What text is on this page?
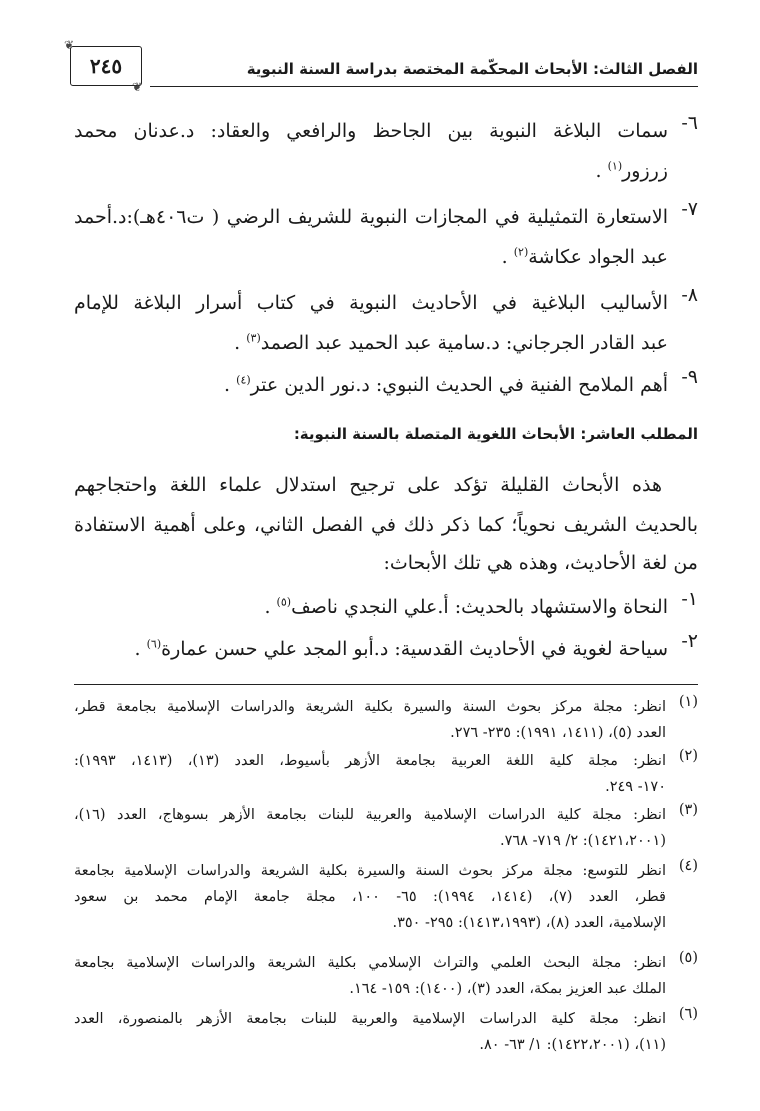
❦
٢٤٥
❦
الفصل الثالث: الأبحاث المحكّمة المختصة بدراسة السنة النبوية
٦-
سمات البلاغة النبوية بين الجاحظ والرافعي والعقاد: د.عدنان محمد
زرزور$^{(١)}$ .
٧-
الاستعارة التمثيلية في المجازات النبوية للشريف الرضي ( ت٤٠٦هـ):د.أحمد
عبد الجواد عكاشة$^{(٢)}$ .
٨-
الأساليب البلاغية في الأحاديث النبوية في كتاب أسرار البلاغة للإمام
عبد القادر الجرجاني: د.سامية عبد الحميد عبد الصمد$^{(٣)}$ .
٩-
أهم الملامح الفنية في الحديث النبوي: د.نور الدين عتر$^{(٤)}$ .
المطلب العاشر: الأبحاث اللغوية المتصلة بالسنة النبوية:
هذه الأبحاث القليلة تؤكد على ترجيح استدلال علماء اللغة واحتجاجهم
بالحديث الشريف نحوياً؛ كما ذكر ذلك في الفصل الثاني، وعلى أهمية الاستفادة
من لغة الأحاديث، وهذه هي تلك الأبحاث:
١-
النحاة والاستشهاد بالحديث: أ.علي النجدي ناصف$^{(٥)}$ .
٢-
سياحة لغوية في الأحاديث القدسية: د.أبو المجد علي حسن عمارة$^{(٦)}$ .
(١)
انظر: مجلة مركز بحوث السنة والسيرة بكلية الشريعة والدراسات الإسلامية بجامعة قطر،
العدد (٥)، (١٤١١، ١٩٩١): ٢٣٥- ٢٧٦.
(٢)
انظر: مجلة كلية اللغة العربية بجامعة الأزهر بأسيوط، العدد (١٣)، (١٤١٣، ١٩٩٣):
١٧٠- ٢٤٩.
(٣)
انظر: مجلة كلية الدراسات الإسلامية والعربية للبنات بجامعة الأزهر بسوهاج، العدد (١٦)،
(١٤٢١،٢٠٠١): ٢/ ٧١٩- ٧٦٨.
(٤)
انظر للتوسع: مجلة مركز بحوث السنة والسيرة بكلية الشريعة والدراسات الإسلامية بجامعة
قطر، العدد (٧)، (١٤١٤، ١٩٩٤): ٦٥- ١٠٠، مجلة جامعة الإمام محمد بن سعود
الإسلامية، العدد (٨)، (١٤١٣،١٩٩٣): ٢٩٥- ٣٥٠.
(٥)
انظر: مجلة البحث العلمي والتراث الإسلامي بكلية الشريعة والدراسات الإسلامية بجامعة
الملك عبد العزيز بمكة، العدد (٣)، (١٤٠٠): ١٥٩- ١٦٤.
(٦)
انظر: مجلة كلية الدراسات الإسلامية والعربية للبنات بجامعة الأزهر بالمنصورة، العدد
(١١)، (١٤٢٢،٢٠٠١): ١/ ٦٣- ٨٠.
